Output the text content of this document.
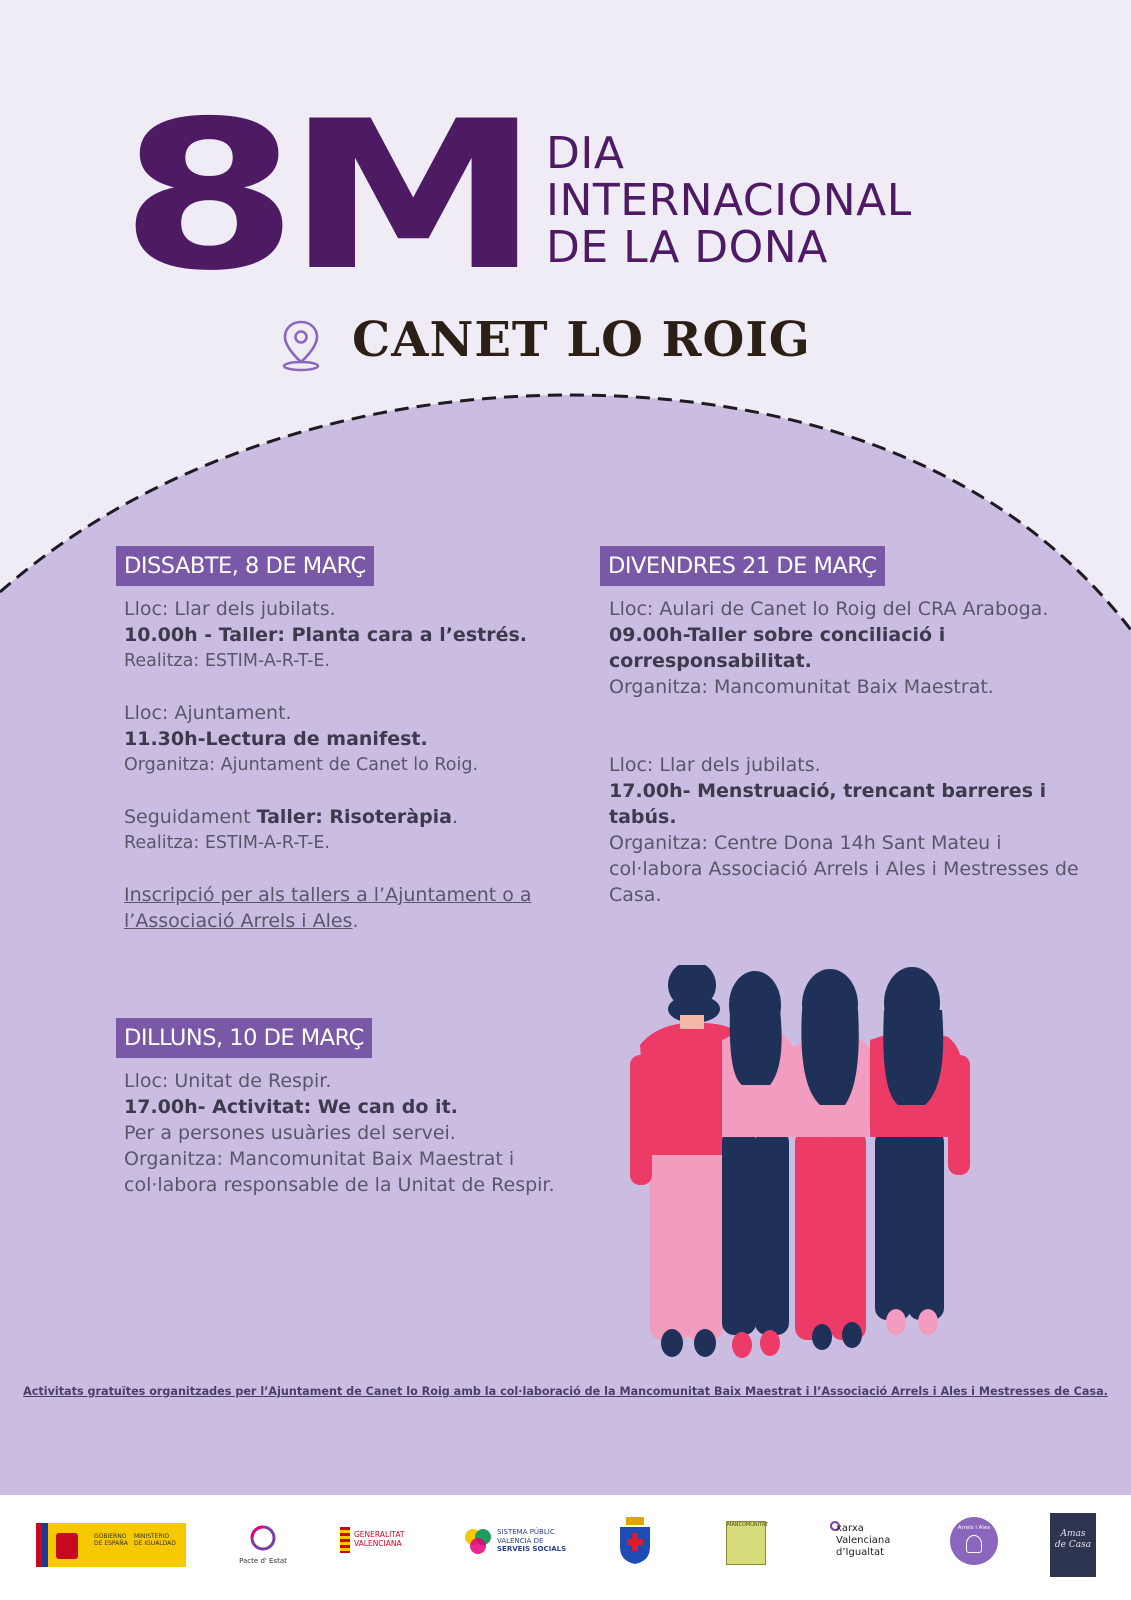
8M DIA
INTERNACIONAL
DE LA DONA
CANET LO ROIG
DISSABTE, 8 DE MARÇ
Lloc: Llar dels jubilats.
10.00h - Taller: Planta cara a l’estrés.
Realitza: ESTIM-A-R-T-E.
Lloc: Ajuntament.
11.30h-Lectura de manifest.
Organitza: Ajuntament de Canet lo Roig.
Seguidament Taller: Risoteràpia.
Realitza: ESTIM-A-R-T-E.
Inscripció per als tallers a l’Ajuntament o a
l’Associació Arrels i Ales.
DIVENDRES 21 DE MARÇ
Lloc: Aulari de Canet lo Roig del CRA Araboga.
09.00h-Taller sobre conciliació i
corresponsabilitat.
Organitza: Mancomunitat Baix Maestrat.
Lloc: Llar dels jubilats.
17.00h- Menstruació, trencant barreres i
tabús.
Organitza: Centre Dona 14h Sant Mateu i
col·labora Associació Arrels i Ales i Mestresses de
Casa.
DILLUNS, 10 DE MARÇ
Lloc: Unitat de Respir.
17.00h- Activitat: We can do it.
Per a persones usuàries del servei.
Organitza: Mancomunitat Baix Maestrat i
col·labora responsable de la Unitat de Respir.
Activitats gratuïtes organitzades per l’Ajuntament de Canet lo Roig amb la col·laboració de la Mancomunitat Baix Maestrat i l’Associació Arrels i Ales i Mestresses de Casa.
GOBIERNO
DE ESPAÑA
MINISTERIO
DE IGUALDAD
Pacte d' Estat
GENERALITAT
VALENCIANA
SISTEMA PÚBLIC
VALENCIÀ DE
SERVEIS SOCIALS
MANCOMUNITAT	xarxa
Valenciana
d’Igualtat
Arrels i Ales
Amas
de Casa
